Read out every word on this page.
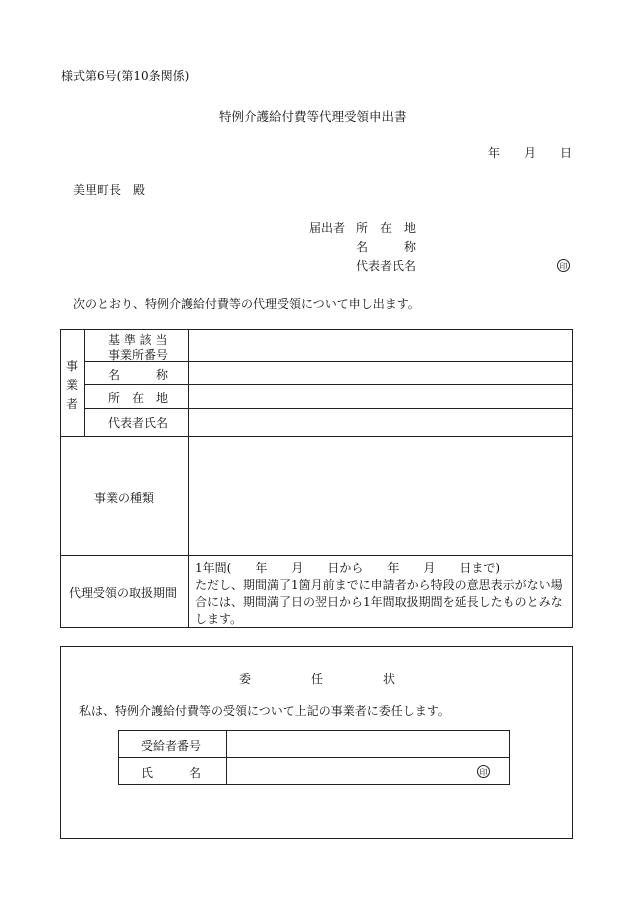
様式第6号(第10条関係)
特例介護給付費等代理受領申出書
年 月 日
美里町長　殿
届出者 所　在　地
名　　　称
代表者氏名	印
次のとおり、特例介護給付費等の代理受領について申し出ます。
事
業
者
基 準 該 当
事業所番号
名　　　称
所　在　地
代表者氏名
事業の種類
代理受領の取扱期間
1年間(　　年　　月　　日から　　年　　月　　日まで)
ただし、期間満了1箇月前までに申請者から特段の意思表示がない場
合には、期間満了日の翌日から1年間取扱期間を延長したものとみな
します。
委　　　　　任　　　　　状
私は、特例介護給付費等の受領について上記の事業者に委任します。
受給者番号
氏　　　名	印
